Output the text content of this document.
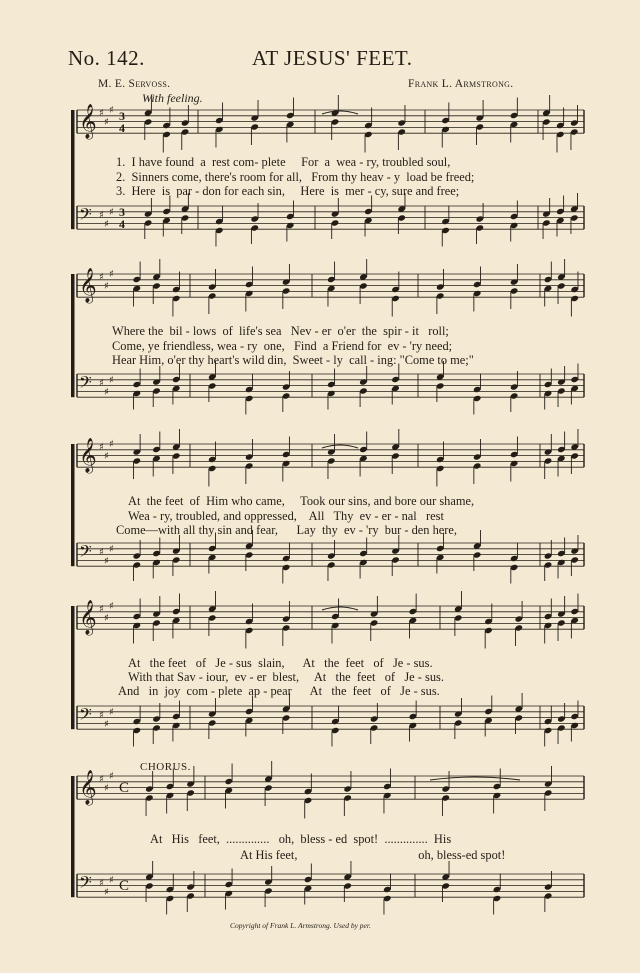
No. 142.	AT JESUS' FEET.
M. E. Servoss.	Frank L. Armstrong.
With feeling.
𝄞 ♯
♯
♯ 3
4
𝄢 ♯
♯
♯ 3
4
𝄞 ♯
♯
♯
𝄢 ♯
♯
♯
𝄞 ♯
♯
♯
𝄢 ♯
♯
♯
𝄞 ♯
♯
♯
𝄢 ♯
♯
♯
𝄞 ♯
♯
♯
C
𝄢 ♯
♯
♯ C
1.  I have found  a  rest com- plete     For  a  wea - ry, troubled soul,
2.  Sinners come, there's room for all,   From thy heav - y  load be freed;
3.  Here  is  par - don for each sin,     Here  is  mer - cy, sure and free;
Where the  bil - lows  of  life's sea   Nev - er  o'er  the  spir - it   roll;
Come, ye friendless, wea - ry  one,   Find  a Friend for  ev - 'ry need;
Hear Him, o'er thy heart's wild din,  Sweet - ly  call - ing: "Come to me;"
At  the feet  of  Him who came,     Took our sins, and bore our shame,
Wea - ry, troubled, and oppressed,    All   Thy  ev - er - nal   rest
Come—with all thy sin and fear,      Lay  thy  ev - 'ry  bur - den here,
At   the feet   of   Je - sus  slain,      At   the  feet   of   Je - sus.
With that Sav - iour,  ev - er  blest,     At   the  feet   of   Je - sus.
And   in  joy  com - plete  ap - pear      At   the  feet   of   Je - sus.
CHORUS.
At   His   feet,  ..............   oh,  bless - ed  spot!  ..............  His
At His feet,                                       oh, bless-ed spot!
Copyright of Frank L. Armstrong. Used by per.
